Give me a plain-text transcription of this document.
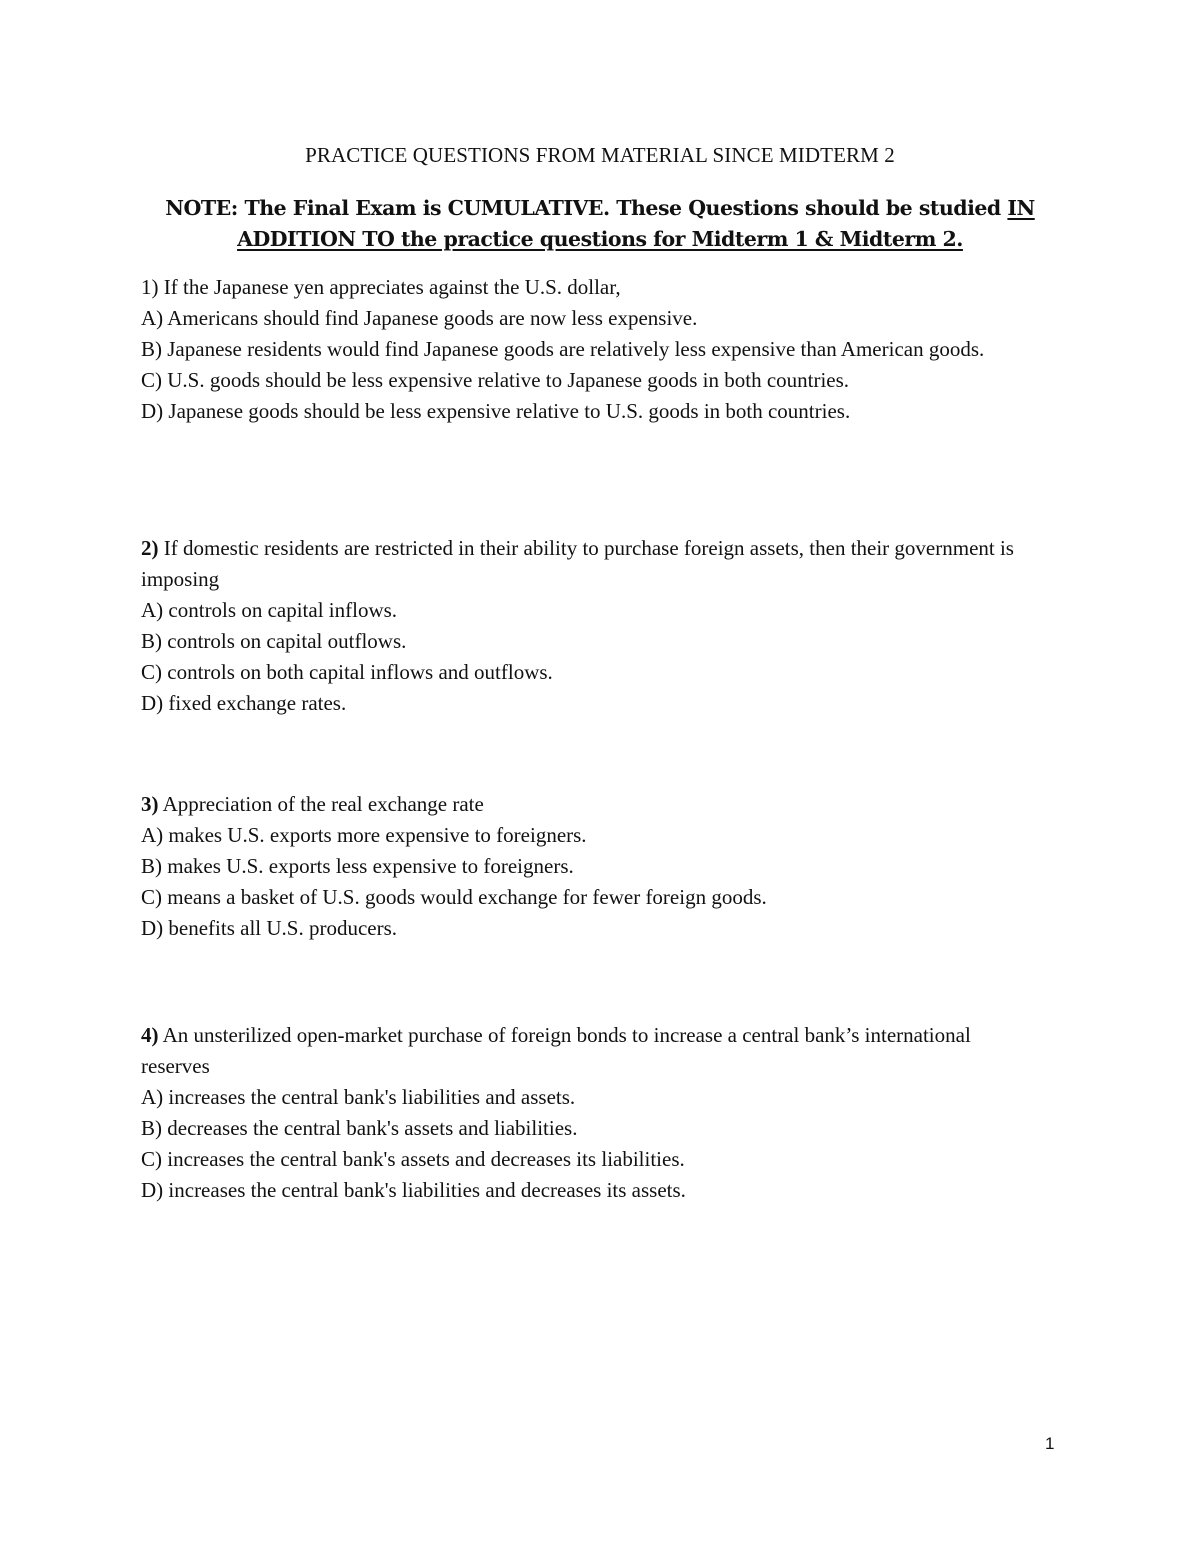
PRACTICE QUESTIONS FROM MATERIAL SINCE MIDTERM 2
NOTE: The Final Exam is CUMULATIVE. These Questions should be studied IN
ADDITION TO the practice questions for Midterm 1 & Midterm 2.

1) If the Japanese yen appreciates against the U.S. dollar,

A) Americans should find Japanese goods are now less expensive.

B) Japanese residents would find Japanese goods are relatively less expensive than American goods.

C) U.S. goods should be less expensive relative to Japanese goods in both countries.

D) Japanese goods should be less expensive relative to U.S. goods in both countries.

2) If domestic residents are restricted in their ability to purchase foreign assets, then their government is imposing

A) controls on capital inflows.

B) controls on capital outflows.

C) controls on both capital inflows and outflows.

D) fixed exchange rates.

3) Appreciation of the real exchange rate

A) makes U.S. exports more expensive to foreigners.

B) makes U.S. exports less expensive to foreigners.

C) means a basket of U.S. goods would exchange for fewer foreign goods.

D) benefits all U.S. producers.

4) An unsterilized open-market purchase of foreign bonds to increase a central bank’s international reserves

A) increases the central bank's liabilities and assets.

B) decreases the central bank's assets and liabilities.

C) increases the central bank's assets and decreases its liabilities.

D) increases the central bank's liabilities and decreases its assets.

1
